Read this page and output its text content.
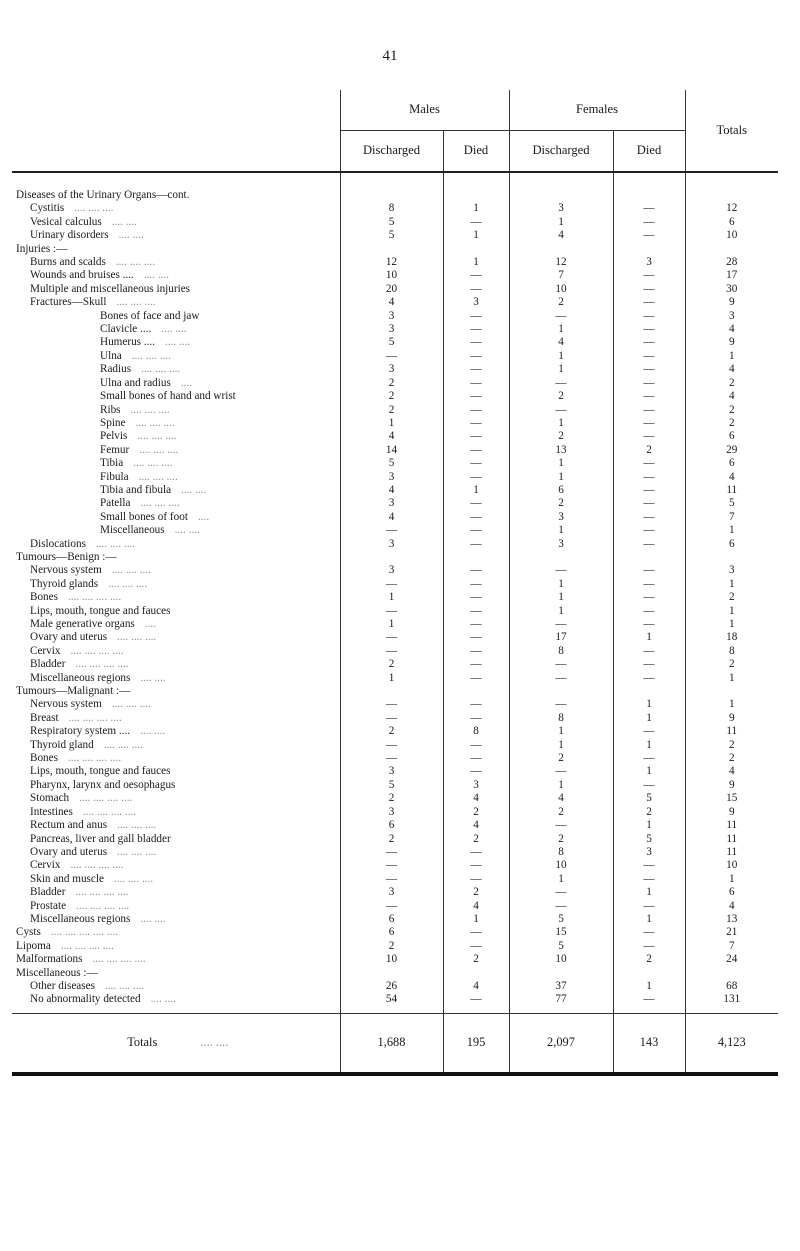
41
	Males		Females		Totals
	Discharged	Died	Discharged	Died	
Diseases of the Urinary Organs—cont.					
Cystitis .... .... ....	8	1	3	—	12
Vesical calculus .... ....	5	—	1	—	6
Urinary disorders .... ....	5	1	4	—	10
Injuries :—					
Burns and scalds .... .... ....	12	1	12	3	28
Wounds and bruises .... .... ....	10	—	7	—	17
Multiple and miscellaneous injuries	20	—	10	—	30
Fractures—Skull .... .... ....	4	3	2	—	9
Bones of face and jaw	3	—	—	—	3
Clavicle .... .... ....	3	—	1	—	4
Humerus .... .... ....	5	—	4	—	9
Ulna .... .... ....	—	—	1	—	1
Radius .... .... ....	3	—	1	—	4
Ulna and radius ....	2	—	—	—	2
Small bones of hand and wrist	2	—	2	—	4
Ribs .... .... ....	2	—	—	—	2
Spine .... .... ....	1	—	1	—	2
Pelvis .... .... ....	4	—	2	—	6
Femur .... .... ....	14	—	13	2	29
Tibia .... .... ....	5	—	1	—	6
Fibula .... .... ....	3	—	1	—	4
Tibia and fibula .... ....	4	1	6	—	11
Patella .... .... ....	3	—	2	—	5
Small bones of foot ....	4	—	3	—	7
Miscellaneous .... ....	—	—	1	—	1
Dislocations .... .... ....	3	—	3	—	6
Tumours—Benign :—					
Nervous system .... .... ....	3	—	—	—	3
Thyroid glands .... .... ....	—	—	1	—	1
Bones .... .... .... ....	1	—	1	—	2
Lips, mouth, tongue and fauces	—	—	1	—	1
Male generative organs ....	1	—	—	—	1
Ovary and uterus .... .... ....	—	—	17	1	18
Cervix .... .... .... ....	—	—	8	—	8
Bladder .... .... .... ....	2	—	—	—	2
Miscellaneous regions .... ....	1	—	—	—	1
Tumours—Malignant :—					
Nervous system .... .... ....	—	—	—	1	1
Breast .... .... .... ....	—	—	8	1	9
Respiratory system .... .... ....	2	8	1	—	11
Thyroid gland .... .... ....	—	—	1	1	2
Bones .... .... .... ....	—	—	2	—	2
Lips, mouth, tongue and fauces	3	—	—	1	4
Pharynx, larynx and oesophagus	5	3	1	—	9
Stomach .... .... .... ....	2	4	4	5	15
Intestines .... .... .... ....	3	2	2	2	9
Rectum and anus .... .... ....	6	4	—	1	11
Pancreas, liver and gall bladder	2	2	2	5	11
Ovary and uterus .... .... ....	—	—	8	3	11
Cervix .... .... .... ....	—	—	10	—	10
Skin and muscle .... .... ....	—	—	1	—	1
Bladder .... .... .... ....	3	2	—	1	6
Prostate .... .... .... ....	—	4	—	—	4
Miscellaneous regions .... ....	6	1	5	1	13
Cysts .... .... .... .... ....	6	—	15	—	21
Lipoma .... .... .... ....	2	—	5	—	7
Malformations .... .... .... ....	10	2	10	2	24
Miscellaneous :—					
Other diseases .... .... ....	26	4	37	1	68
No abnormality detected .... ....	54	—	77	—	131
Totals .... ....	1,688	195	2,097	143	4,123
